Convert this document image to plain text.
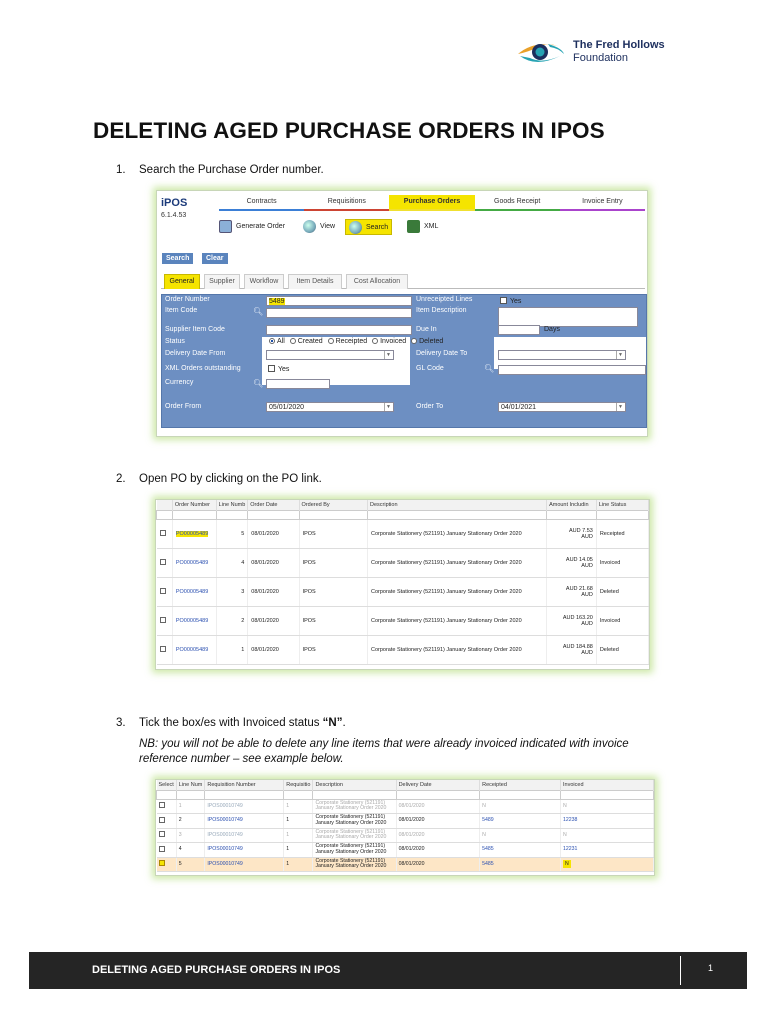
The Fred Hollows
Foundation
DELETING AGED PURCHASE ORDERS IN IPOS
1. Search the Purchase Order number.
iPOS
6.1.4.53
Contracts	Requisitions	Purchase Orders	Goods Receipt	Invoice Entry
Generate Order	View	Search	XML
Search	Clear
General	Supplier	Workflow	Item Details	Cost Allocation
Order Number	5489
Item Code	🔍︎
Supplier Item Code
Status	All Created Receipted Invoiced Deleted
Delivery Date From	▼
XML Orders outstanding	Yes
Currency	🔍︎
Order From	05/01/2020	▼
Unreceipted Lines	Yes
Item Description
Due In	Days
Delivery Date To	▼
GL Code	🔍︎
Order To	04/01/2021	▼
2. Open PO by clicking on the PO link.
	Order Number	Line Numb	Order Date	Ordered By	Description	Amount Includin	Line Status

	PO00005489	5	08/01/2020	IPOS	Corporate Stationery (521191) January Stationary Order 2020	AUD 7.53
AUD	Receipted
	PO00005489	4	08/01/2020	IPOS	Corporate Stationery (521191) January Stationary Order 2020	AUD 14.05
AUD	Invoiced
	PO00005489	3	08/01/2020	IPOS	Corporate Stationery (521191) January Stationary Order 2020	AUD 21.68
AUD	Deleted
	PO00005489	2	08/01/2020	IPOS	Corporate Stationery (521191) January Stationary Order 2020	AUD 163.20
AUD	Invoiced
	PO00005489	1	08/01/2020	IPOS	Corporate Stationery (521191) January Stationary Order 2020	AUD 184.88
AUD	Deleted
3. Tick the box/es with Invoiced status “N”.
NB: you will not be able to delete any line items that were already invoiced indicated with invoice reference number – see example below.
Select	Line Num	Requisition Number	Requisitio	Description	Delivery Date	Receipted	Invoiced

	1	IPOS00010749	1	Corporate Stationery (521191)
January Stationary Order 2020	08/01/2020	N	N
	2	IPOS00010749	1	Corporate Stationery (521191)
January Stationary Order 2020	08/01/2020	5489	12238
	3	IPOS00010749	1	Corporate Stationery (521191)
January Stationary Order 2020	08/01/2020	N	N
	4	IPOS00010749	1	Corporate Stationery (521191)
January Stationary Order 2020	08/01/2020	5485	12231
	5	IPOS00010749	1	Corporate Stationery (521191)
January Stationary Order 2020	08/01/2020	5485	N
DELETING AGED PURCHASE ORDERS IN IPOS	1
